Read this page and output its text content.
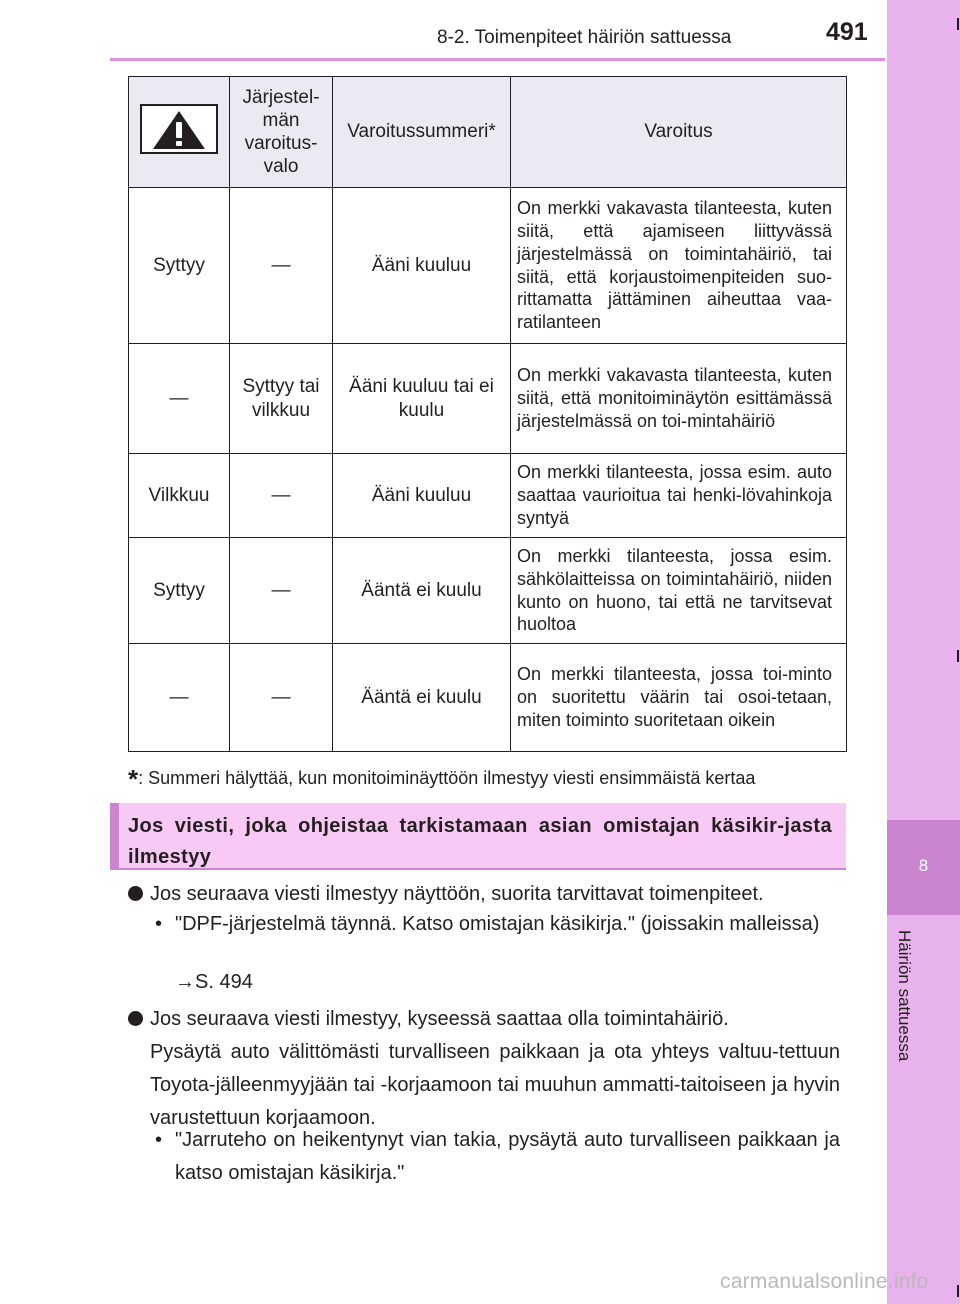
8-2. Toimenpiteet häiriön sattuessa	491
8
Häiriön sattuessa
	Järjestel-män varoitus-valo	Varoitussummeri*	Varoitus
Syttyy	—	Ääni kuuluu	On merkki vakavasta tilanteesta, kuten siitä, että ajamiseen liittyvässä järjestelmässä on toimintahäiriö, tai siitä, että korjaustoimenpiteiden suo-rittamatta jättäminen aiheuttaa vaa-ratilanteen
—	Syttyy tai vilkkuu	Ääni kuuluu tai ei kuulu	On merkki vakavasta tilanteesta, kuten siitä, että monitoiminäytön esittämässä järjestelmässä on toi-mintahäiriö
Vilkkuu	—	Ääni kuuluu	On merkki tilanteesta, jossa esim. auto saattaa vaurioitua tai henki-lövahinkoja syntyä
Syttyy	—	Ääntä ei kuulu	On merkki tilanteesta, jossa esim. sähkölaitteissa on toimintahäiriö, niiden kunto on huono, tai että ne tarvitsevat huoltoa
—	—	Ääntä ei kuulu	On merkki tilanteesta, jossa toi-minto on suoritettu väärin tai osoi-tetaan, miten toiminto suoritetaan oikein
*: Summeri hälyttää, kun monitoiminäyttöön ilmestyy viesti ensimmäistä kertaa
Jos viesti, joka ohjeistaa tarkistamaan asian omistajan käsikir-jasta ilmestyy
Jos seuraava viesti ilmestyy näyttöön, suorita tarvittavat toimenpiteet.
• "DPF-järjestelmä täynnä. Katso omistajan käsikirja." (joissakin malleissa)
→S. 494
Jos seuraava viesti ilmestyy, kyseessä saattaa olla toimintahäiriö.
Pysäytä auto välittömästi turvalliseen paikkaan ja ota yhteys valtuu-tettuun Toyota-jälleenmyyjään tai -korjaamoon tai muuhun ammatti-taitoiseen ja hyvin varustettuun korjaamoon.
• "Jarruteho on heikentynyt vian takia, pysäytä auto turvalliseen paikkaan ja katso omistajan käsikirja."
carmanualsonline.info
